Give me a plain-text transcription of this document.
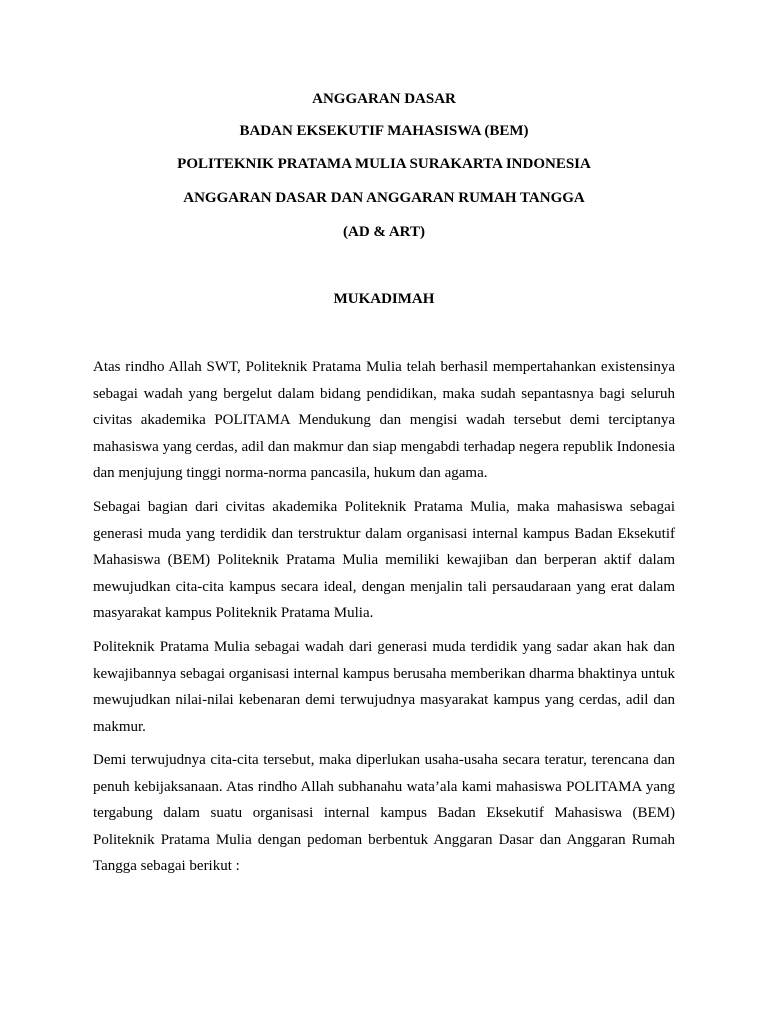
ANGGARAN DASAR
BADAN EKSEKUTIF MAHASISWA (BEM)
POLITEKNIK PRATAMA MULIA SURAKARTA INDONESIA
ANGGARAN DASAR DAN ANGGARAN RUMAH TANGGA
(AD & ART)
MUKADIMAH

Atas rindho Allah SWT, Politeknik Pratama Mulia telah berhasil mempertahankan existensinya sebagai wadah yang bergelut dalam bidang pendidikan, maka sudah sepantasnya bagi seluruh civitas akademika POLITAMA Mendukung dan mengisi wadah tersebut demi terciptanya mahasiswa yang cerdas, adil dan makmur dan siap mengabdi terhadap negera republik Indonesia dan menjujung tinggi norma-norma pancasila, hukum dan agama.

Sebagai bagian dari civitas akademika Politeknik Pratama Mulia, maka mahasiswa sebagai generasi muda yang terdidik dan terstruktur dalam organisasi internal kampus Badan Eksekutif Mahasiswa (BEM) Politeknik Pratama Mulia memiliki kewajiban dan berperan aktif dalam mewujudkan cita-cita kampus secara ideal, dengan menjalin tali persaudaraan yang erat dalam masyarakat kampus Politeknik Pratama Mulia.

Politeknik Pratama Mulia sebagai wadah dari generasi muda terdidik yang sadar akan hak dan kewajibannya sebagai organisasi internal kampus berusaha memberikan dharma bhaktinya untuk mewujudkan nilai-nilai kebenaran demi terwujudnya masyarakat kampus yang cerdas, adil dan makmur.

Demi terwujudnya cita-cita tersebut, maka diperlukan usaha-usaha secara teratur, terencana dan penuh kebijaksanaan. Atas rindho Allah subhanahu wata’ala kami mahasiswa POLITAMA yang tergabung dalam suatu organisasi internal kampus Badan Eksekutif Mahasiswa (BEM) Politeknik Pratama Mulia dengan pedoman berbentuk Anggaran Dasar dan Anggaran Rumah Tangga sebagai berikut :
